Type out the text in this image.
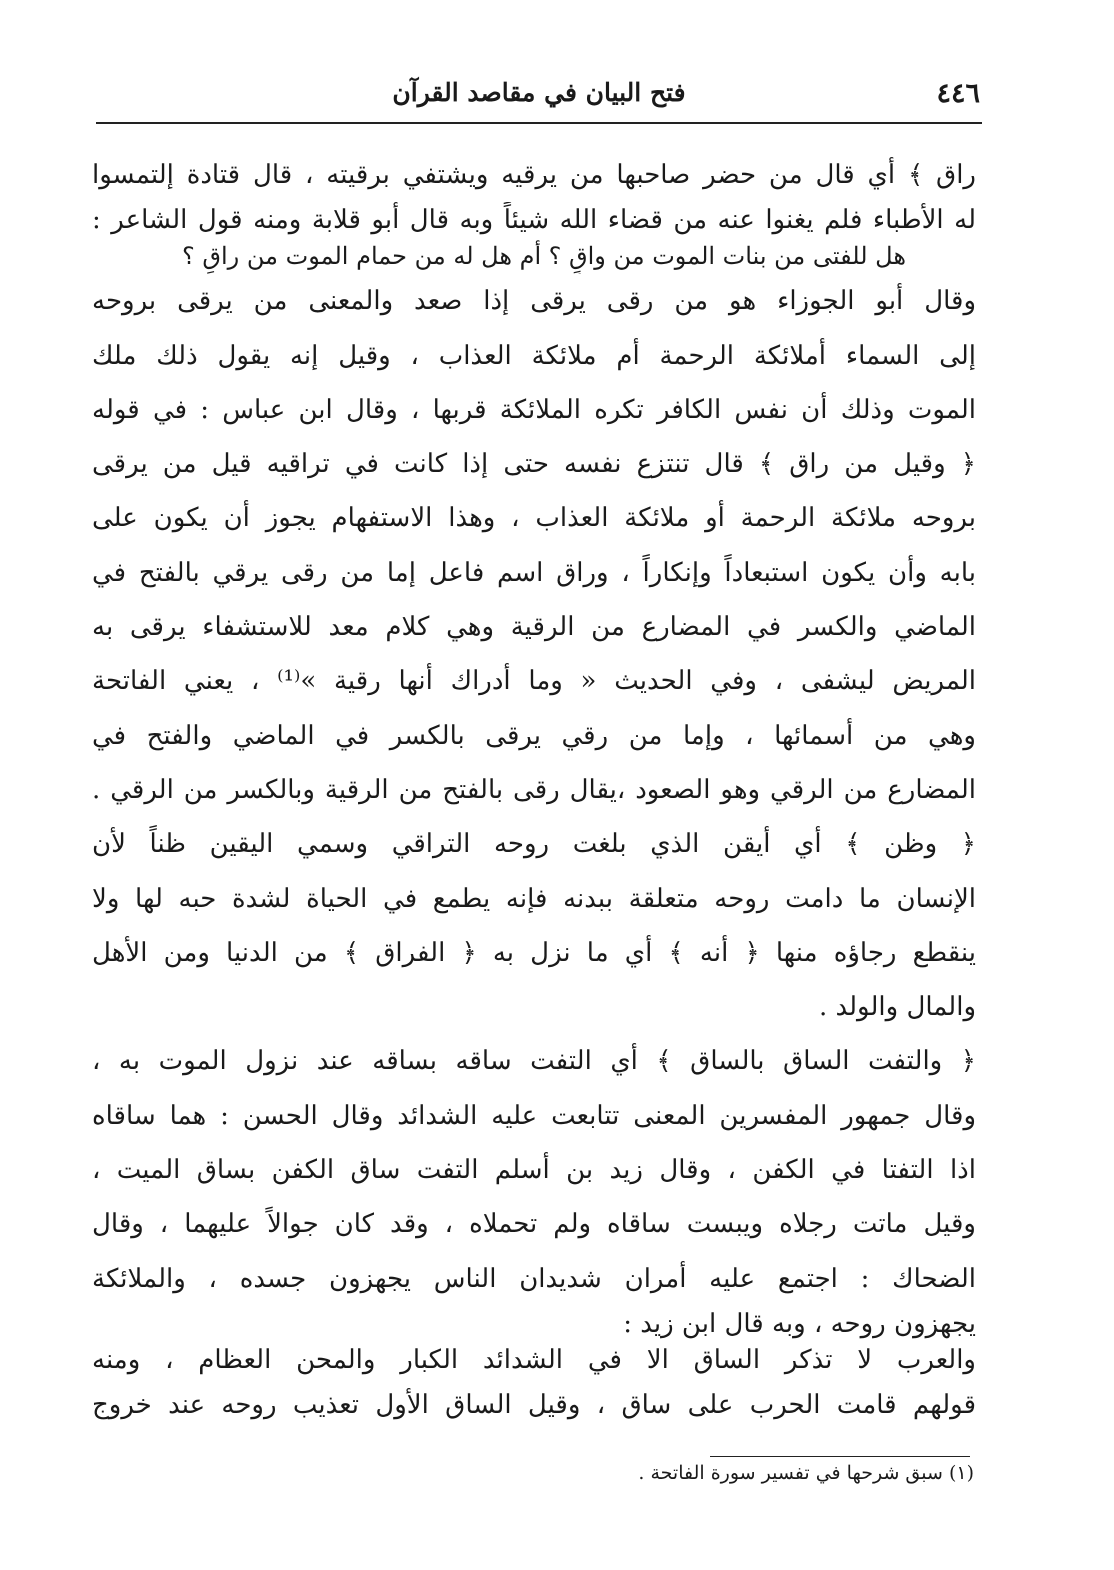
٤٤٦
فتح البيان في مقاصد القرآن
راق ﴾ أي قال من حضر صاحبها من يرقيه ويشتفي برقيته ، قال قتادة إلتمسوا
له الأطباء فلم يغنوا عنه من قضاء الله شيئاً وبه قال أبو قلابة ومنه قول الشاعر :
هل للفتى من بنات الموت من واقٍ ؟
أم هل له من حمام الموت من راقِ ؟
وقال أبو الجوزاء هو من رقى يرقى إذا صعد والمعنى من يرقى بروحه
إلى السماء أملائكة الرحمة أم ملائكة العذاب ، وقيل إنه يقول ذلك ملك
الموت وذلك أن نفس الكافر تكره الملائكة قربها ، وقال ابن عباس : في قوله
﴿ وقيل من راق ﴾ قال تنتزع نفسه حتى إذا كانت في تراقيه قيل من يرقى
بروحه ملائكة الرحمة أو ملائكة العذاب ، وهذا الاستفهام يجوز أن يكون على
بابه وأن يكون استبعاداً وإنكاراً ، وراق اسم فاعل إما من رقى يرقي بالفتح في
الماضي والكسر في المضارع من الرقية وهي كلام معد للاستشفاء يرقى به
المريض ليشفى ، وفي الحديث « وما أدراك أنها رقية »⁽¹⁾ ، يعني الفاتحة
وهي من أسمائها ، وإما من رقي يرقى بالكسر في الماضي والفتح في
المضارع من الرقي وهو الصعود ،يقال رقى بالفتح من الرقية وبالكسر من الرقي .
﴿ وظن ﴾ أي أيقن الذي بلغت روحه التراقي وسمي اليقين ظناً لأن
الإنسان ما دامت روحه متعلقة ببدنه فإنه يطمع في الحياة لشدة حبه لها ولا
ينقطع رجاؤه منها ﴿ أنه ﴾ أي ما نزل به ﴿ الفراق ﴾ من الدنيا ومن الأهل
والمال والولد .
﴿ والتفت الساق بالساق ﴾ أي التفت ساقه بساقه عند نزول الموت به ،
وقال جمهور المفسرين المعنى تتابعت عليه الشدائد وقال الحسن : هما ساقاه
اذا التفتا في الكفن ، وقال زيد بن أسلم التفت ساق الكفن بساق الميت ،
وقيل ماتت رجلاه ويبست ساقاه ولم تحملاه ، وقد كان جوالاً عليهما ، وقال
الضحاك : اجتمع عليه أمران شديدان الناس يجهزون جسده ، والملائكة
يجهزون روحه ، وبه قال ابن زيد :
والعرب لا تذكر الساق الا في الشدائد الكبار والمحن العظام ، ومنه
قولهم قامت الحرب على ساق ، وقيل الساق الأول تعذيب روحه عند خروج
(١) سبق شرحها في تفسير سورة الفاتحة .
